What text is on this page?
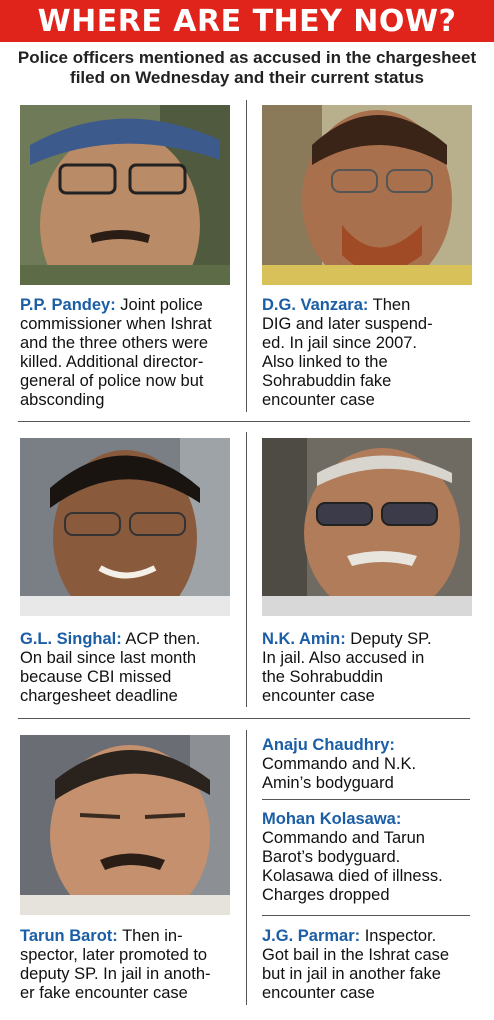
WHERE ARE THEY NOW?
Police officers mentioned as accused in the chargesheet
filed on Wednesday and their current status
P.P. Pandey: Joint police
commissioner when Ishrat
and the three others were
killed. Additional director-
general of police now but
absconding
D.G. Vanzara: Then
DIG and later suspend-
ed. In jail since 2007.
Also linked to the
Sohrabuddin fake
encounter case
G.L. Singhal: ACP then.
On bail since last month
because CBI missed
chargesheet deadline
N.K. Amin: Deputy SP.
In jail. Also accused in
the Sohrabuddin
encounter case
Tarun Barot: Then in-
spector, later promoted to
deputy SP. In jail in anoth-
er fake encounter case
Anaju Chaudhry:
Commando and N.K.
Amin’s bodyguard
Mohan Kolasawa:
Commando and Tarun
Barot’s bodyguard.
Kolasawa died of illness.
Charges dropped
J.G. Parmar: Inspector.
Got bail in the Ishrat case
but in jail in another fake
encounter case
